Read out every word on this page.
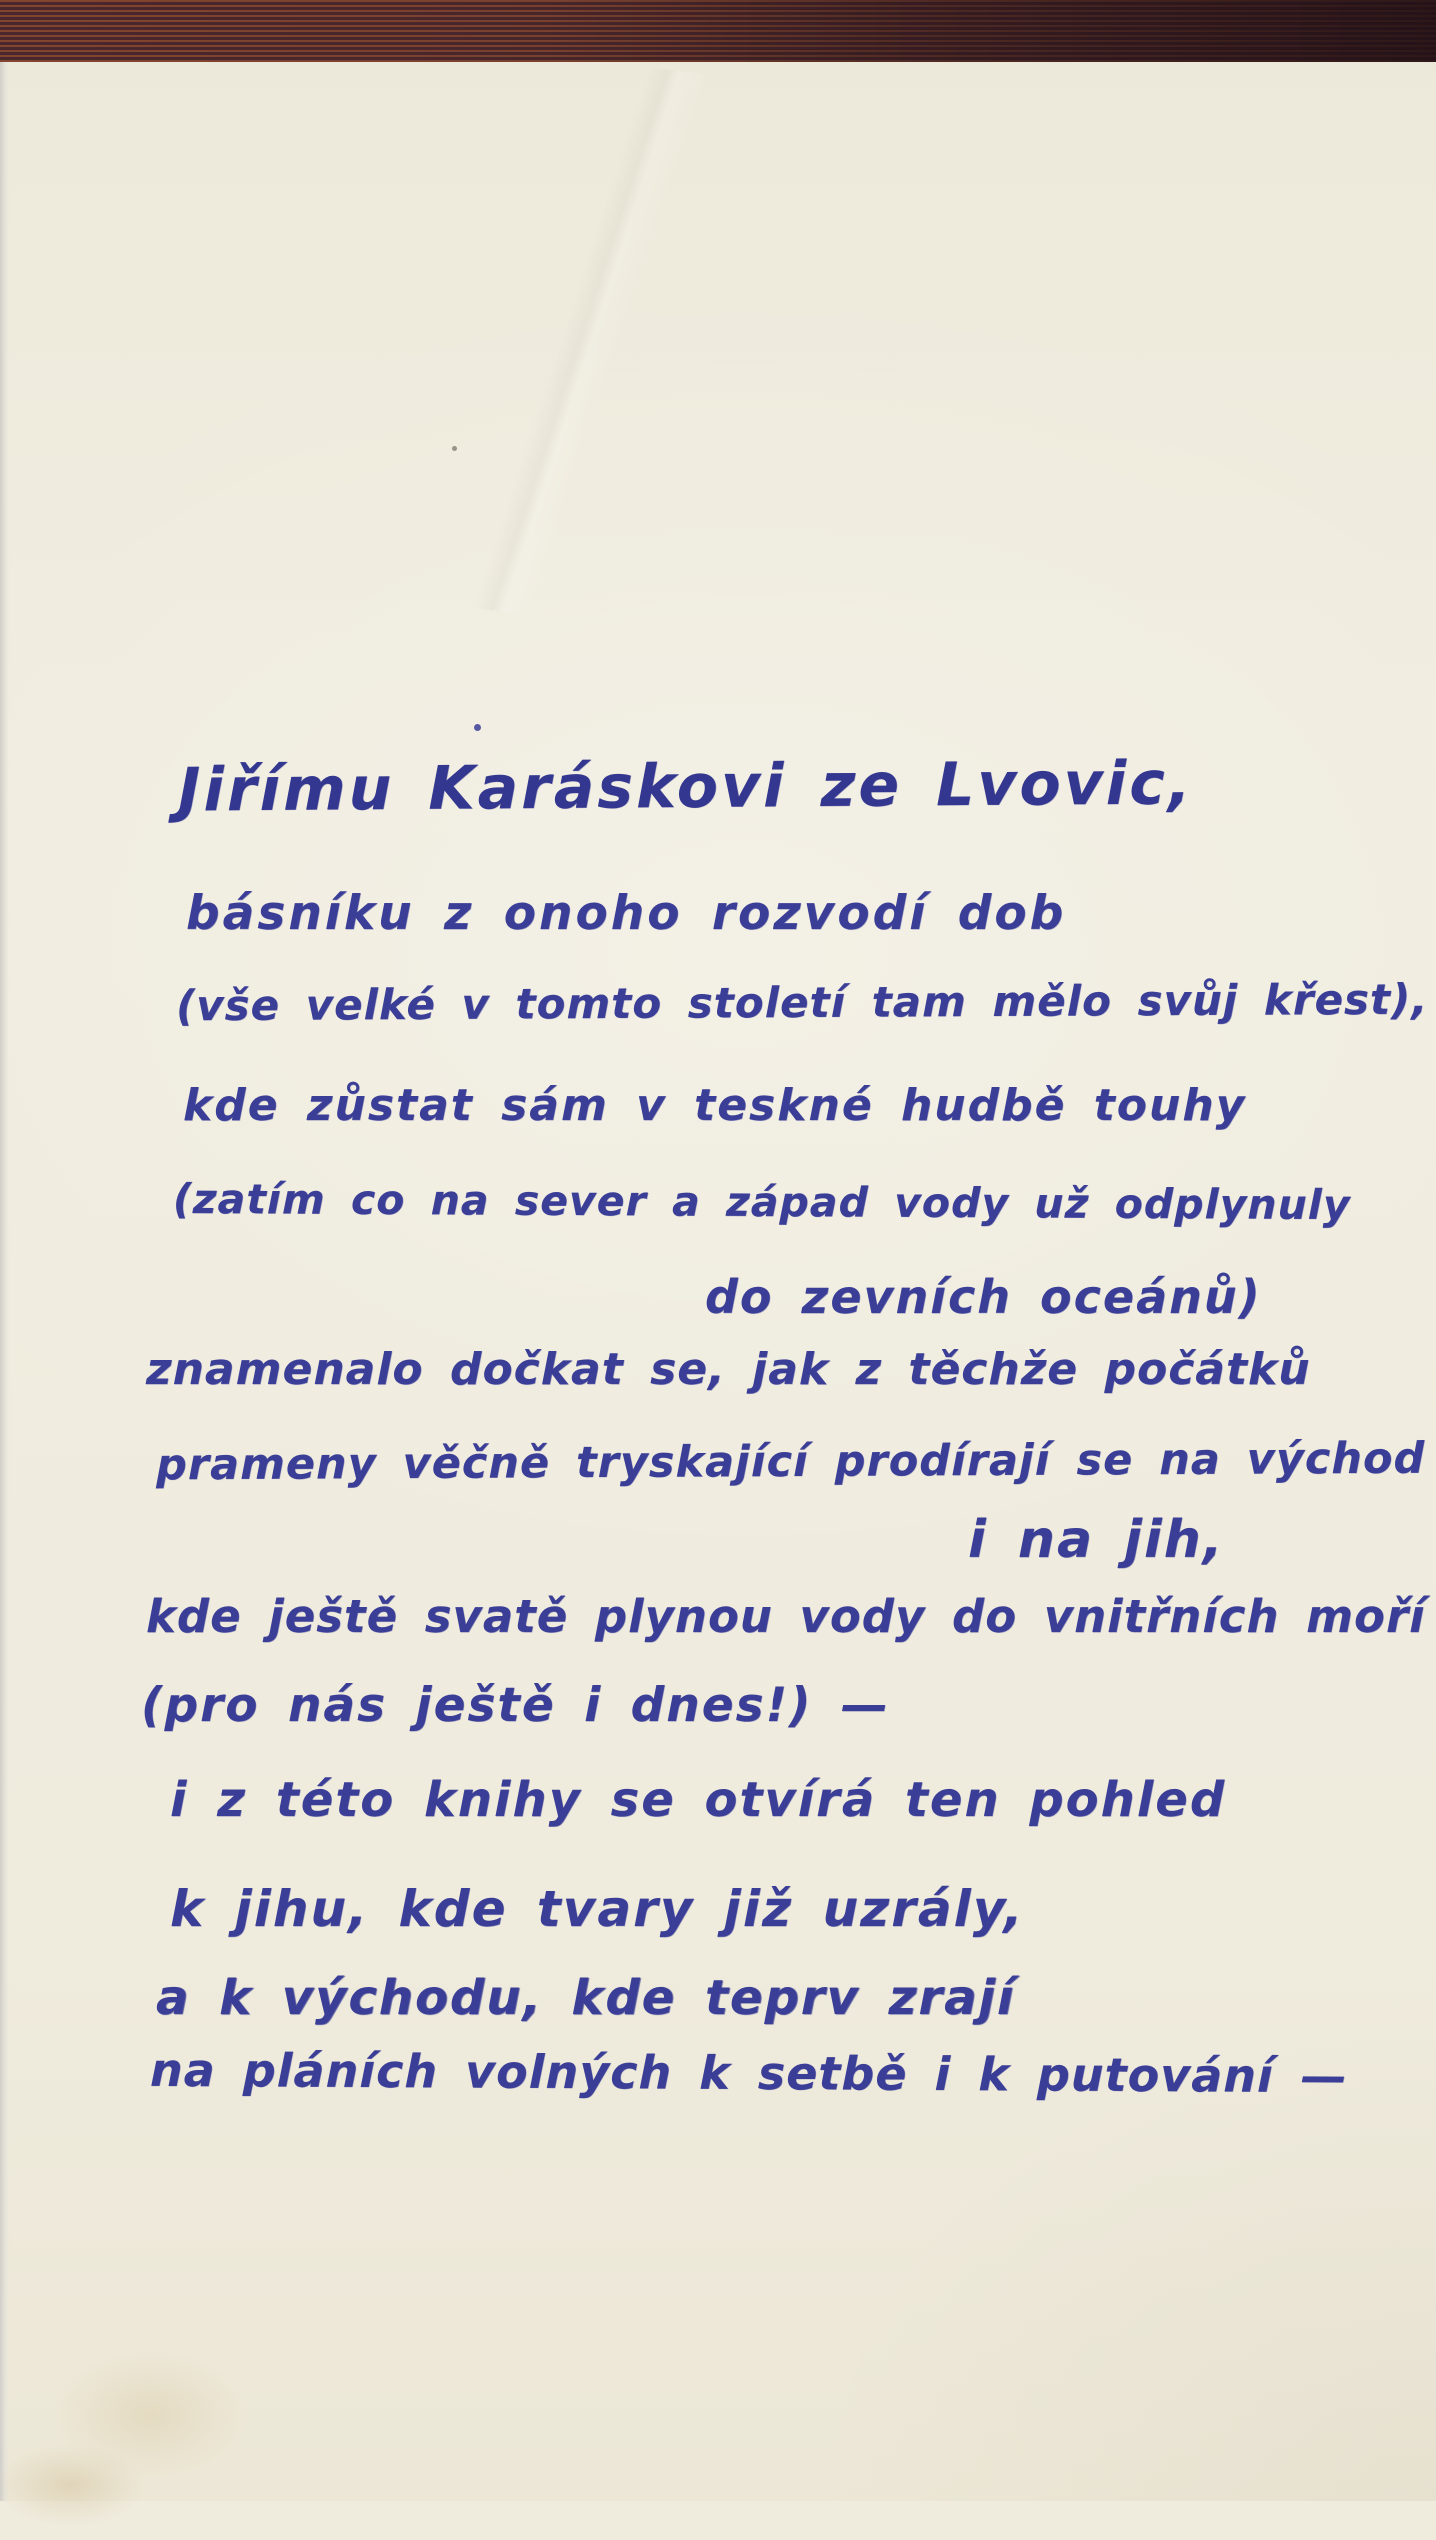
Jiřímu Karáskovi ze Lvovic,
básníku z onoho rozvodí dob
(vše velké v tomto století tam mělo svůj křest),
kde zůstat sám v teskné hudbě touhy
(zatím co na sever a západ vody už odplynuly
do zevních oceánů)
znamenalo dočkat se, jak z těchže počátků
prameny věčně tryskající prodírají se na východ
i na jih,
kde ještě svatě plynou vody do vnitřních moří
(pro nás ještě i dnes!) —
i z této knihy se otvírá ten pohled
k jihu, kde tvary již uzrály,
a k východu, kde teprv zrají
na pláních volných k setbě i k putování —
